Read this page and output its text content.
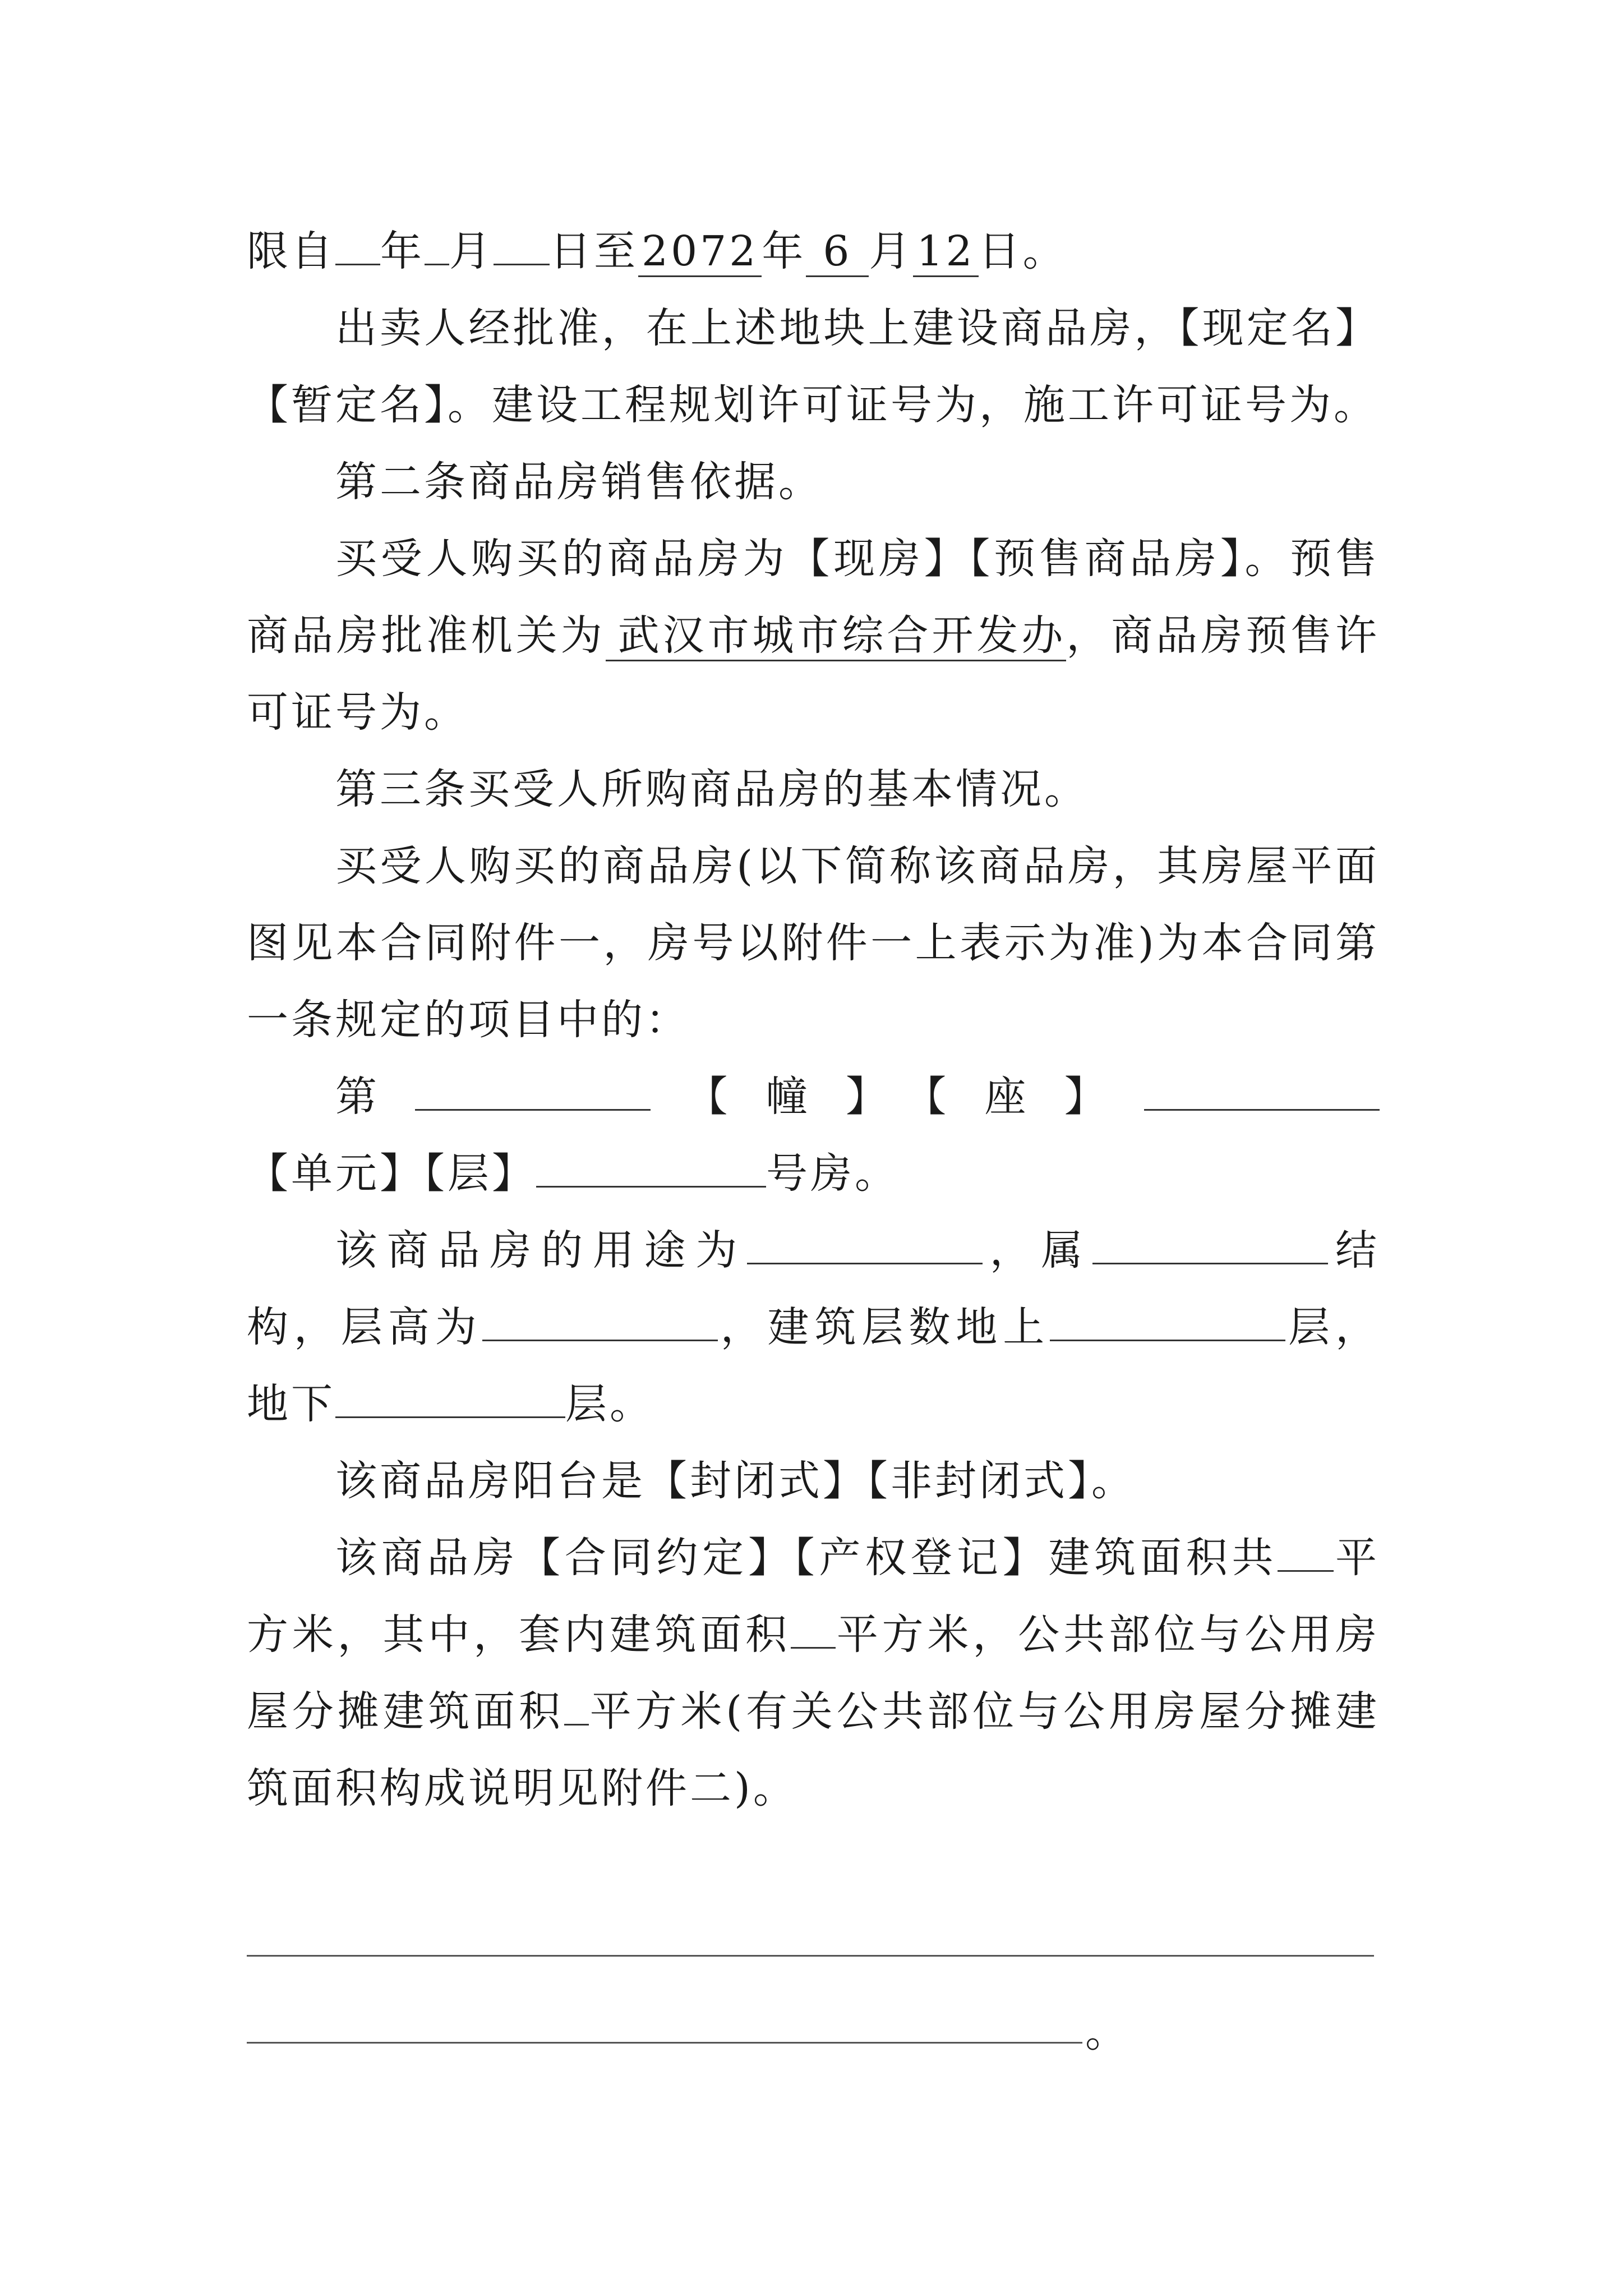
限自 年 月 日至2072年 6 月12日。

出卖人经批准，在上述地块上建设商品房，【现定名】【暂定名】。建设工程规划许可证号为，施工许可证号为。

第二条商品房销售依据。

买受人购买的商品房为【现房】【预售商品房】。预售商品房批准机关为 武汉市城市综合开发办，商品房预售许可证号为。

第三条买受人所购商品房的基本情况。

买受人购买的商品房(以下简称该商品房，其房屋平面图见本合同附件一，房号以附件一上表示为准)为本合同第一条规定的项目中的：

第	【幢】【座】【单元】【层】	号房。

该商品房的用途为	，属	结构，层高为	，建筑层数地上	层，地下	层。

该商品房阳台是【封闭式】【非封闭式】。

该商品房【合同约定】【产权登记】建筑面积共 平方米，其中，套内建筑面积 平方米，公共部位与公用房屋分摊建筑面积 平方米(有关公共部位与公用房屋分摊建筑面积构成说明见附件二)。

。
